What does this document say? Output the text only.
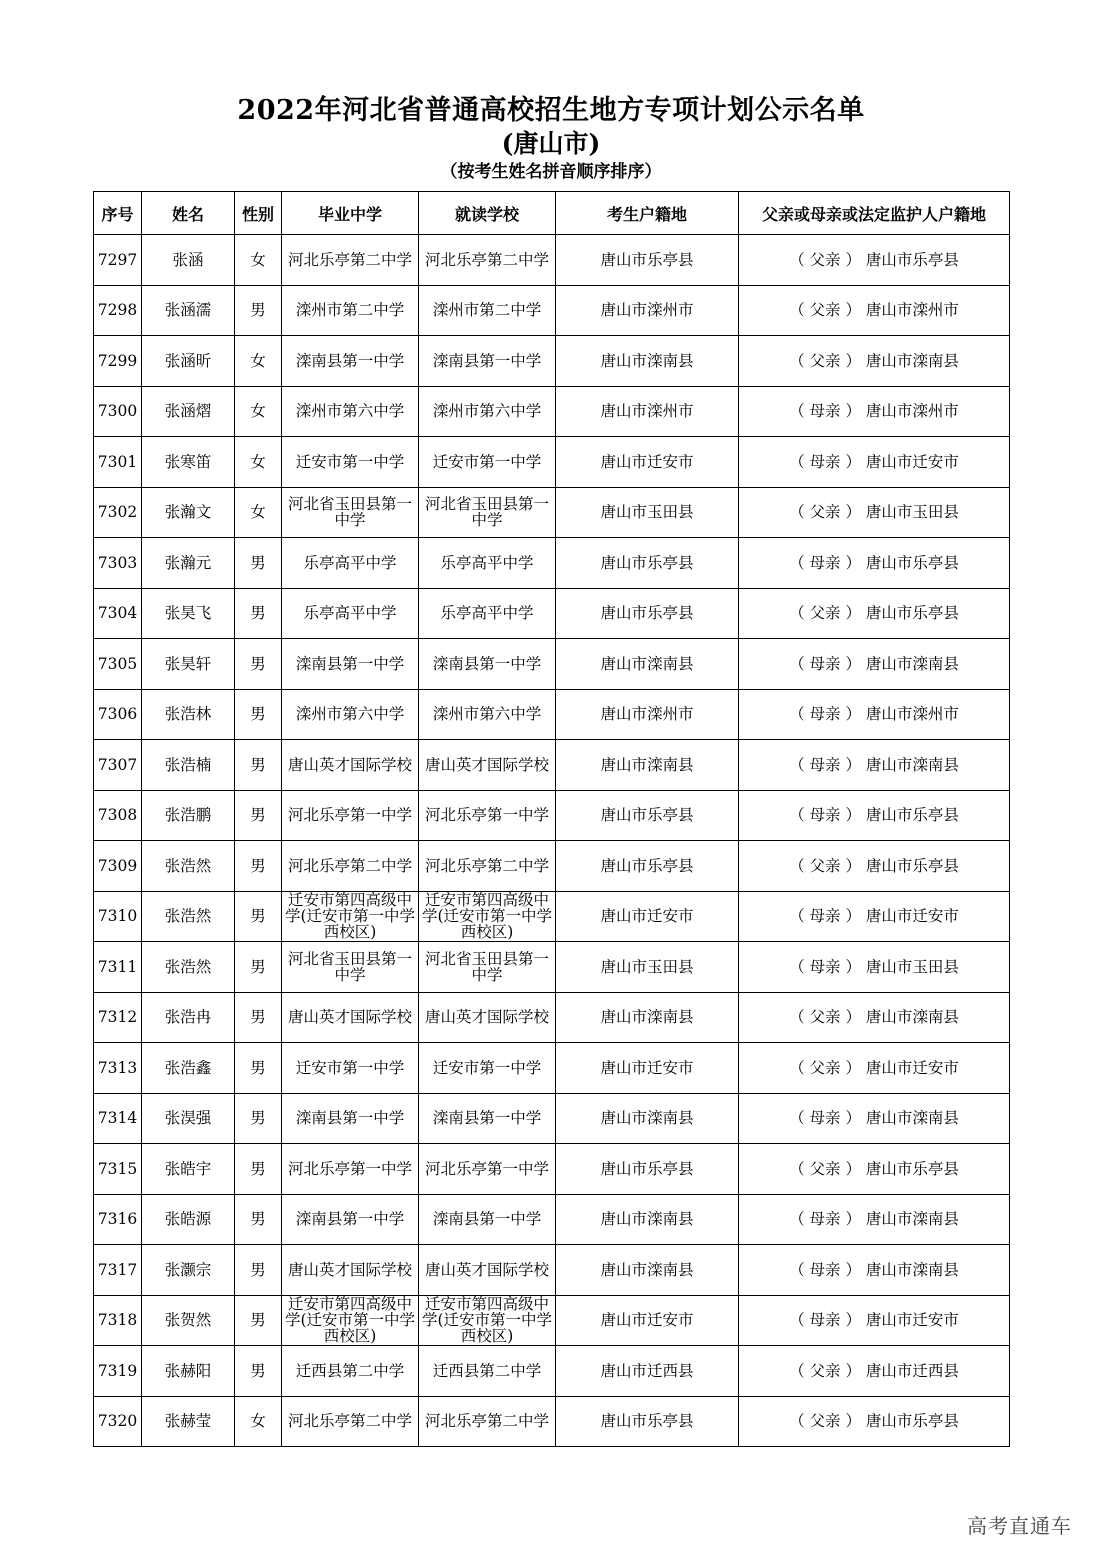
2022年河北省普通高校招生地方专项计划公示名单
(唐山市)
（按考生姓名拼音顺序排序）
序号	姓名	性别	毕业中学	就读学校	考生户籍地	父亲或母亲或法定监护人户籍地
7297	张涵	女	河北乐亭第二中学	河北乐亭第二中学	唐山市乐亭县	（ 父亲 ） 唐山市乐亭县
7298	张涵濡	男	滦州市第二中学	滦州市第二中学	唐山市滦州市	（ 父亲 ） 唐山市滦州市
7299	张涵昕	女	滦南县第一中学	滦南县第一中学	唐山市滦南县	（ 父亲 ） 唐山市滦南县
7300	张涵熠	女	滦州市第六中学	滦州市第六中学	唐山市滦州市	（ 母亲 ） 唐山市滦州市
7301	张寒笛	女	迁安市第一中学	迁安市第一中学	唐山市迁安市	（ 母亲 ） 唐山市迁安市
7302	张瀚文	女	河北省玉田县第一中学	河北省玉田县第一中学	唐山市玉田县	（ 父亲 ） 唐山市玉田县
7303	张瀚元	男	乐亭高平中学	乐亭高平中学	唐山市乐亭县	（ 母亲 ） 唐山市乐亭县
7304	张昊飞	男	乐亭高平中学	乐亭高平中学	唐山市乐亭县	（ 父亲 ） 唐山市乐亭县
7305	张昊轩	男	滦南县第一中学	滦南县第一中学	唐山市滦南县	（ 母亲 ） 唐山市滦南县
7306	张浩林	男	滦州市第六中学	滦州市第六中学	唐山市滦州市	（ 母亲 ） 唐山市滦州市
7307	张浩楠	男	唐山英才国际学校	唐山英才国际学校	唐山市滦南县	（ 母亲 ） 唐山市滦南县
7308	张浩鹏	男	河北乐亭第一中学	河北乐亭第一中学	唐山市乐亭县	（ 母亲 ） 唐山市乐亭县
7309	张浩然	男	河北乐亭第二中学	河北乐亭第二中学	唐山市乐亭县	（ 父亲 ） 唐山市乐亭县
7310	张浩然	男	迁安市第四高级中学(迁安市第一中学西校区)	迁安市第四高级中学(迁安市第一中学西校区)	唐山市迁安市	（ 母亲 ） 唐山市迁安市
7311	张浩然	男	河北省玉田县第一中学	河北省玉田县第一中学	唐山市玉田县	（ 母亲 ） 唐山市玉田县
7312	张浩冉	男	唐山英才国际学校	唐山英才国际学校	唐山市滦南县	（ 父亲 ） 唐山市滦南县
7313	张浩鑫	男	迁安市第一中学	迁安市第一中学	唐山市迁安市	（ 父亲 ） 唐山市迁安市
7314	张淏强	男	滦南县第一中学	滦南县第一中学	唐山市滦南县	（ 母亲 ） 唐山市滦南县
7315	张皓宇	男	河北乐亭第一中学	河北乐亭第一中学	唐山市乐亭县	（ 父亲 ） 唐山市乐亭县
7316	张皓源	男	滦南县第一中学	滦南县第一中学	唐山市滦南县	（ 母亲 ） 唐山市滦南县
7317	张灏宗	男	唐山英才国际学校	唐山英才国际学校	唐山市滦南县	（ 母亲 ） 唐山市滦南县
7318	张贺然	男	迁安市第四高级中学(迁安市第一中学西校区)	迁安市第四高级中学(迁安市第一中学西校区)	唐山市迁安市	（ 母亲 ） 唐山市迁安市
7319	张赫阳	男	迁西县第二中学	迁西县第二中学	唐山市迁西县	（ 父亲 ） 唐山市迁西县
7320	张赫莹	女	河北乐亭第二中学	河北乐亭第二中学	唐山市乐亭县	（ 父亲 ） 唐山市乐亭县
高考直通车
